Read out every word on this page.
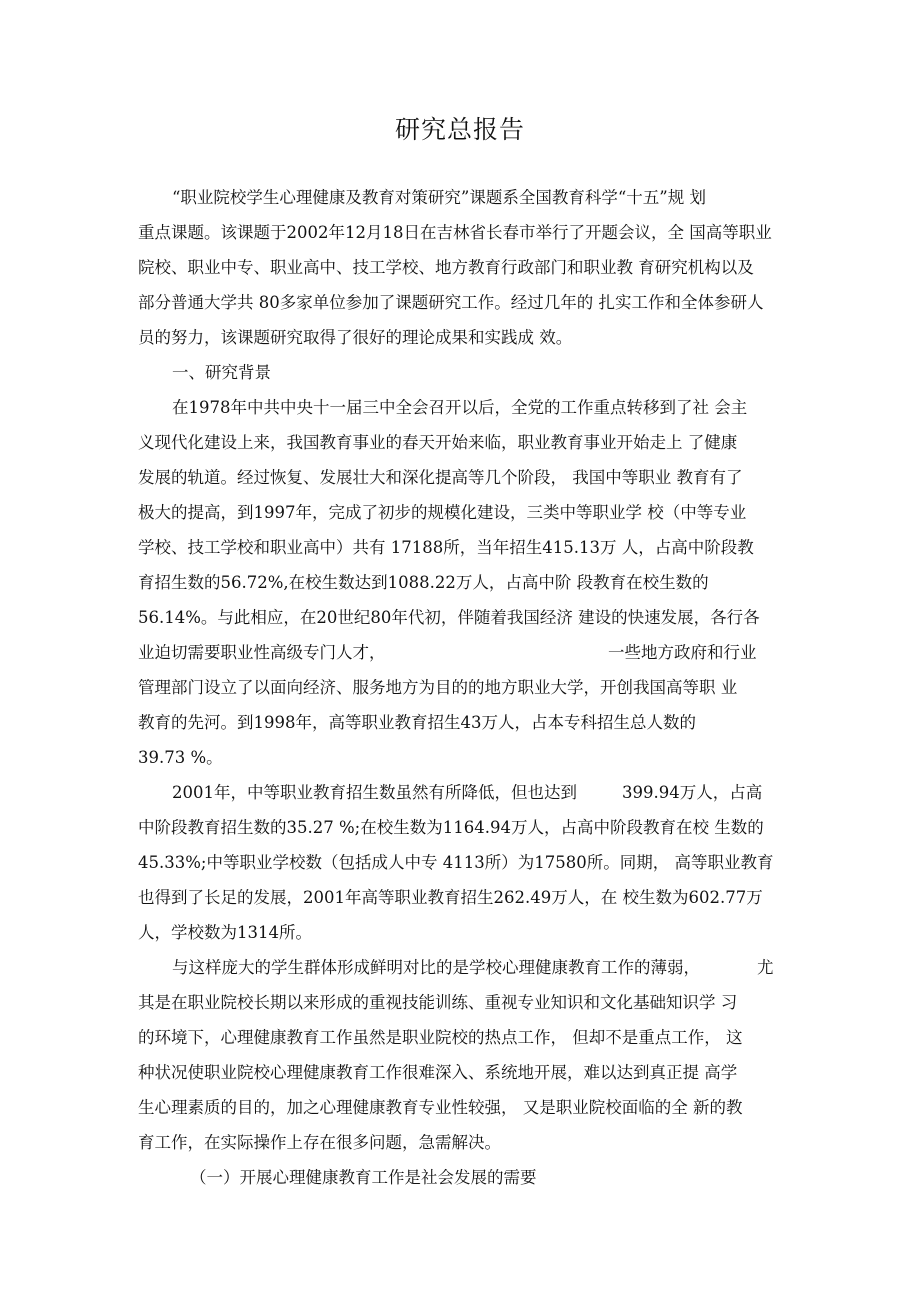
研究总报告
“职业院校学生心理健康及教育对策研究”课题系全国教育科学“十五”规 划
重点课题。该课题于2002年12月18日在吉林省长春市举行了开题会议，全 国高等职业
院校、职业中专、职业高中、技工学校、地方教育行政部门和职业教 育研究机构以及
部分普通大学共 80多家单位参加了课题研究工作。经过几年的 扎实工作和全体参研人
员的努力，该课题研究取得了很好的理论成果和实践成 效。
一、研究背景
在1978年中共中央十一届三中全会召开以后，全党的工作重点转移到了社 会主
义现代化建设上来，我国教育事业的春天开始来临，职业教育事业开始走上 了健康
发展的轨道。经过恢复、发展壮大和深化提高等几个阶段， 我国中等职业 教育有了
极大的提高，到1997年，完成了初步的规模化建设，三类中等职业学 校（中等专业
学校、技工学校和职业高中）共有 17188所，当年招生415.13万 人，占高中阶段教
育招生数的56.72%,在校生数达到1088.22万人，占高中阶 段教育在校生数的
56.14%。与此相应，在20世纪80年代初，伴随着我国经济 建设的快速发展，各行各
业迫切需要职业性高级专门人才，	一些地方政府和行业
管理部门设立了以面向经济、服务地方为目的的地方职业大学，开创我国高等职 业
教育的先河。到1998年，高等职业教育招生43万人，占本专科招生总人数的
39.73 %。
2001年，中等职业教育招生数虽然有所降低，但也达到	399.94万人，占高
中阶段教育招生数的35.27 %;在校生数为1164.94万人，占高中阶段教育在校 生数的
45.33%;中等职业学校数（包括成人中专 4113所）为17580所。同期， 高等职业教育
也得到了长足的发展，2001年高等职业教育招生262.49万人，在 校生数为602.77万
人，学校数为1314所。
与这样庞大的学生群体形成鲜明对比的是学校心理健康教育工作的薄弱，	尤
其是在职业院校长期以来形成的重视技能训练、重视专业知识和文化基础知识学 习
的环境下，心理健康教育工作虽然是职业院校的热点工作， 但却不是重点工作， 这
种状况使职业院校心理健康教育工作很难深入、系统地开展，难以达到真正提 高学
生心理素质的目的，加之心理健康教育专业性较强， 又是职业院校面临的全 新的教
育工作，在实际操作上存在很多问题，急需解决。
（一）开展心理健康教育工作是社会发展的需要
